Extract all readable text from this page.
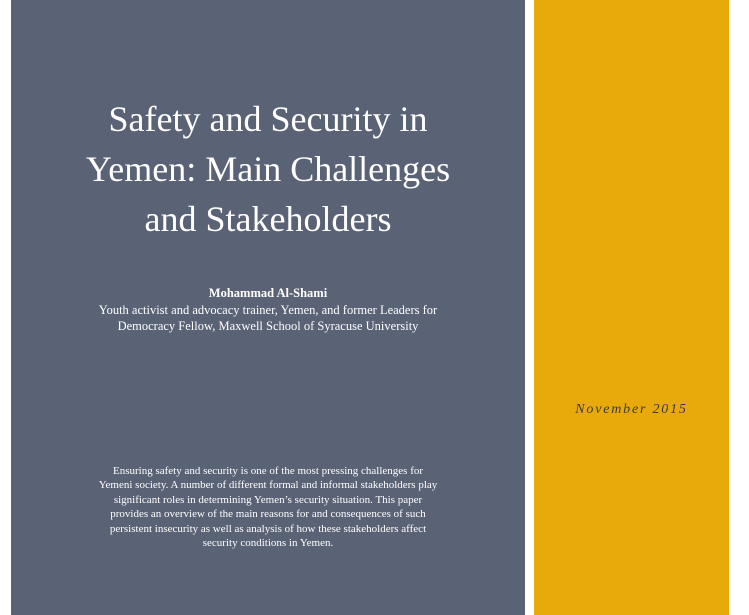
Safety and Security in
Yemen: Main Challenges
and Stakeholders
Mohammad Al-Shami
Youth activist and advocacy trainer, Yemen, and former Leaders for
Democracy Fellow, Maxwell School of Syracuse University
Ensuring safety and security is one of the most pressing challenges for
Yemeni society. A number of different formal and informal stakeholders play
significant roles in determining Yemen’s security situation. This paper
provides an overview of the main reasons for and consequences of such
persistent insecurity as well as analysis of how these stakeholders affect
security conditions in Yemen.
November 2015
